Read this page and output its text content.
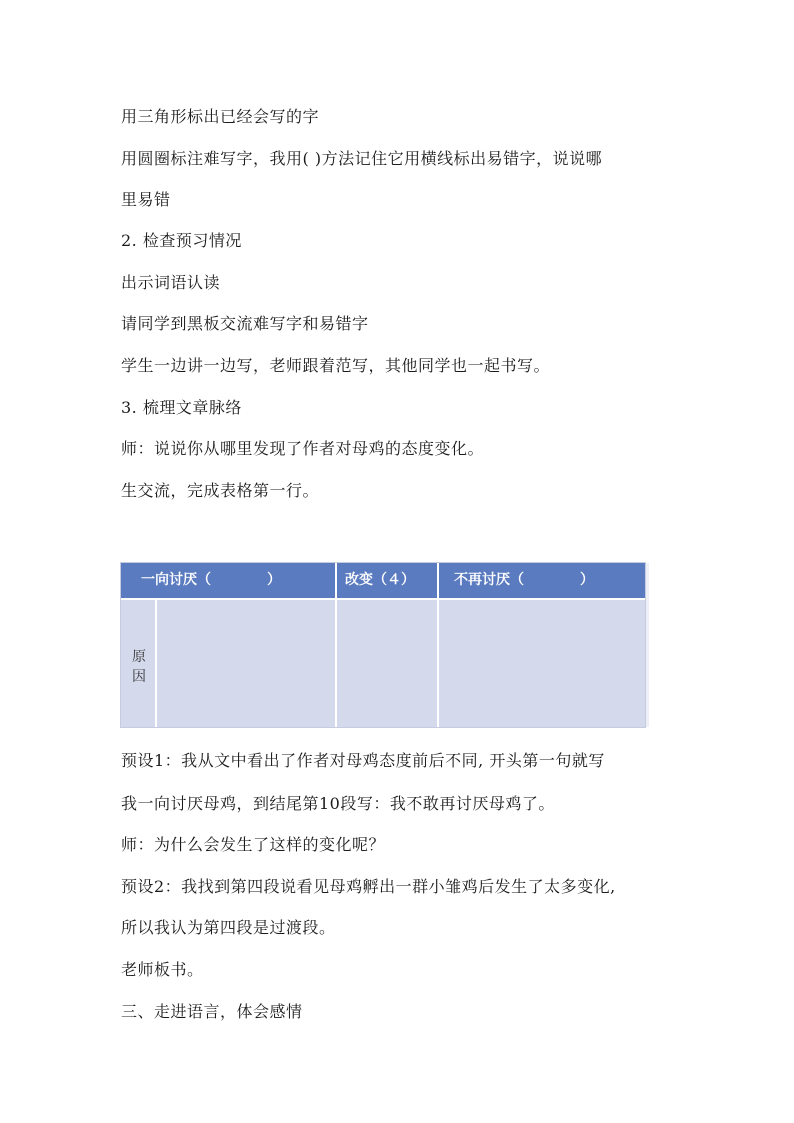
用三角形标出已经会写的字
用圆圈标注难写字，我用( )方法记住它用横线标出易错字，说说哪
里易错
2. 检查预习情况
出示词语认读
请同学到黑板交流难写字和易错字
学生一边讲一边写，老师跟着范写，其他同学也一起书写。
3. 梳理文章脉络
师：说说你从哪里发现了作者对母鸡的态度变化。
生交流，完成表格第一行。
一向讨厌（　　　　）	改变（４）	不再讨厌（　　　　）
原
因
预设1：我从文中看出了作者对母鸡态度前后不同, 开头第一句就写
我一向讨厌母鸡，到结尾第10段写：我不敢再讨厌母鸡了。
师：为什么会发生了这样的变化呢？
预设2：我找到第四段说看见母鸡孵出一群小雏鸡后发生了太多变化,
所以我认为第四段是过渡段。
老师板书。
三、走进语言，体会感情
